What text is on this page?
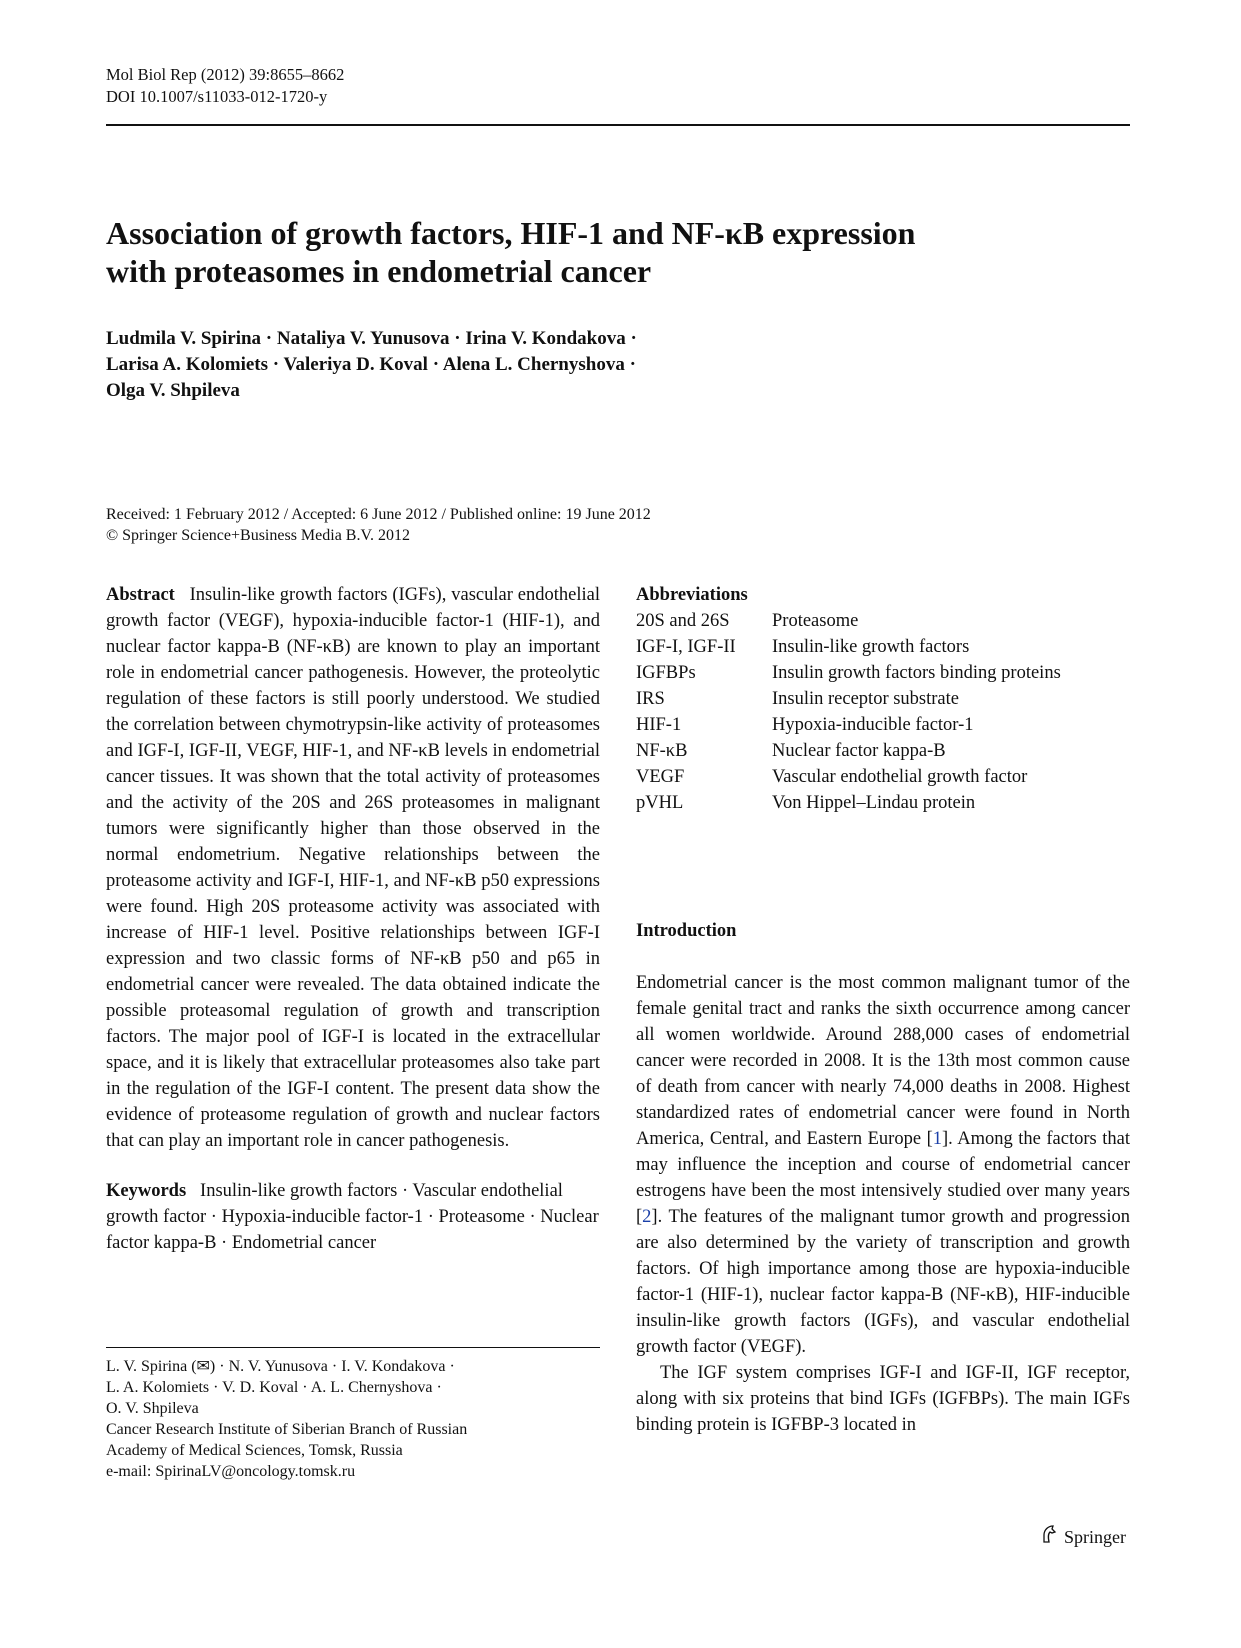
Mol Biol Rep (2012) 39:8655–8662
DOI 10.1007/s11033-012-1720-y
Association of growth factors, HIF-1 and NF-κB expression
with proteasomes in endometrial cancer
Ludmila V. Spirina · Nataliya V. Yunusova · Irina V. Kondakova ·
Larisa A. Kolomiets · Valeriya D. Koval · Alena L. Chernyshova ·
Olga V. Shpileva
Received: 1 February 2012 / Accepted: 6 June 2012 / Published online: 19 June 2012
© Springer Science+Business Media B.V. 2012

Abstract Insulin-like growth factors (IGFs), vascular endothelial growth factor (VEGF), hypoxia-inducible factor-1 (HIF-1), and nuclear factor kappa-B (NF-κB) are known to play an important role in endometrial cancer pathogenesis. However, the proteolytic regulation of these factors is still poorly understood. We studied the correlation between chymotrypsin-like activity of proteasomes and IGF-I, IGF-II, VEGF, HIF-1, and NF-κB levels in endometrial cancer tissues. It was shown that the total activity of proteasomes and the activity of the 20S and 26S proteasomes in malignant tumors were significantly higher than those observed in the normal endometrium. Negative relationships between the proteasome activity and IGF-I, HIF-1, and NF-κB p50 expressions were found. High 20S proteasome activity was associated with increase of HIF-1 level. Positive relationships between IGF-I expression and two classic forms of NF-κB p50 and p65 in endometrial cancer were revealed. The data obtained indicate the possible proteasomal regulation of growth and transcription factors. The major pool of IGF-I is located in the extracellular space, and it is likely that extracellular proteasomes also take part in the regulation of the IGF-I content. The present data show the evidence of proteasome regulation of growth and nuclear factors that can play an important role in cancer pathogenesis.

Keywords Insulin-like growth factors · Vascular endothelial growth factor · Hypoxia-inducible factor-1 · Proteasome · Nuclear factor kappa-B · Endometrial cancer

L. V. Spirina (✉) · N. V. Yunusova · I. V. Kondakova ·
L. A. Kolomiets · V. D. Koval · A. L. Chernyshova ·
O. V. Shpileva
Cancer Research Institute of Siberian Branch of Russian
Academy of Medical Sciences, Tomsk, Russia
e-mail: SpirinaLV@oncology.tomsk.ru

Abbreviations

20S and 26S	Proteasome
IGF-I, IGF-II	Insulin-like growth factors
IGFBPs	Insulin growth factors binding proteins
IRS	Insulin receptor substrate
HIF-1	Hypoxia-inducible factor-1
NF-κB	Nuclear factor kappa-B
VEGF	Vascular endothelial growth factor
pVHL	Von Hippel–Lindau protein
Introduction

Endometrial cancer is the most common malignant tumor of the female genital tract and ranks the sixth occurrence among cancer all women worldwide. Around 288,000 cases of endometrial cancer were recorded in 2008. It is the 13th most common cause of death from cancer with nearly 74,000 deaths in 2008. Highest standardized rates of endometrial cancer were found in North America, Central, and Eastern Europe [1]. Among the factors that may influence the inception and course of endometrial cancer estrogens have been the most intensively studied over many years [2]. The features of the malignant tumor growth and progression are also determined by the variety of transcription and growth factors. Of high importance among those are hypoxia-inducible factor-1 (HIF-1), nuclear factor kappa-B (NF-κB), HIF-inducible insulin-like growth factors (IGFs), and vascular endothelial growth factor (VEGF).

The IGF system comprises IGF-I and IGF-II, IGF receptor, along with six proteins that bind IGFs (IGFBPs). The main IGFs binding protein is IGFBP-3 located in

Springer
